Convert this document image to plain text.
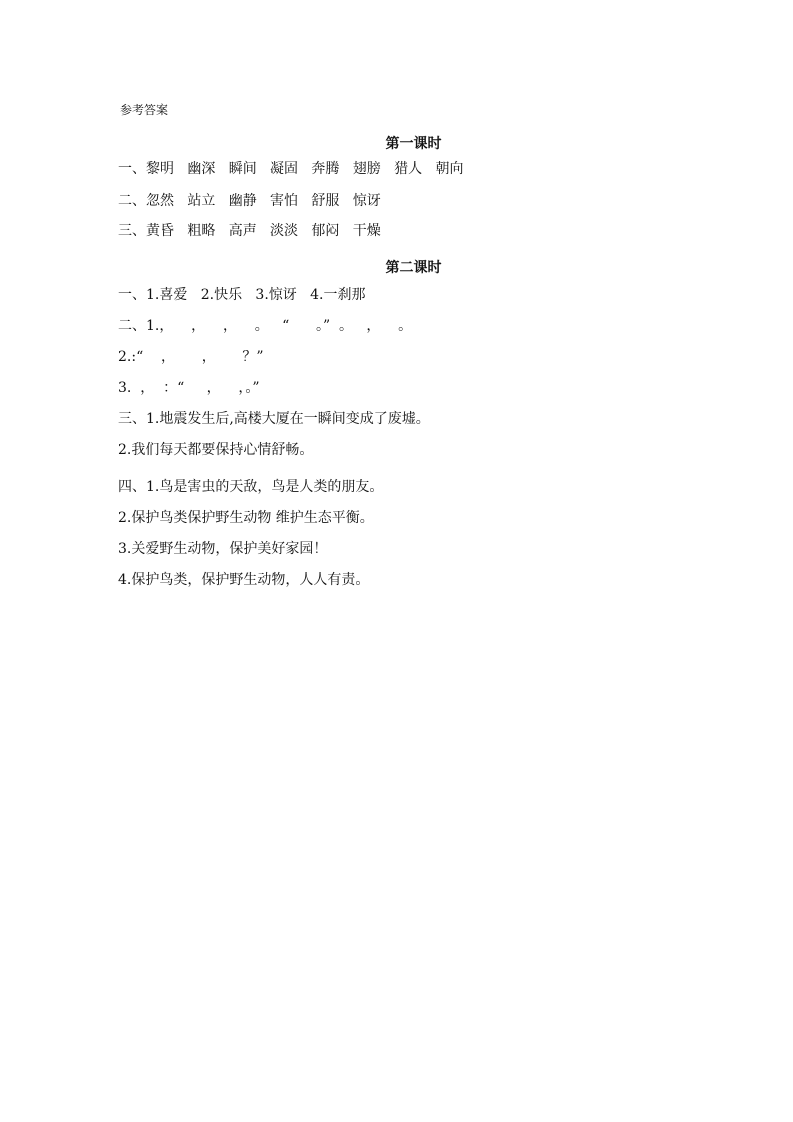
参考答案
第一课时
一、黎明   幽深   瞬间   凝固   奔腾   翅膀   猎人   朝向
二、忽然   站立   幽静   害怕   舒服   惊讶
三、黄昏   粗略   高声   淡淡   郁闷   干燥
第二课时
一、1.喜爱   2.快乐   3.惊讶   4.一刹那
二、1.，    ，    ，    。   “      。”  。   ，    。
2.:“    ，      ，      ？”
3.  ，  ：“     ，    ，。”
三、1.地震发生后,高楼大厦在一瞬间变成了废墟。
2.我们每天都要保持心情舒畅。
四、1.鸟是害虫的天敌，鸟是人类的朋友。
2.保护鸟类保护野生动物 维护生态平衡。
3.关爱野生动物，保护美好家园！
4.保护鸟类，保护野生动物，人人有责。
